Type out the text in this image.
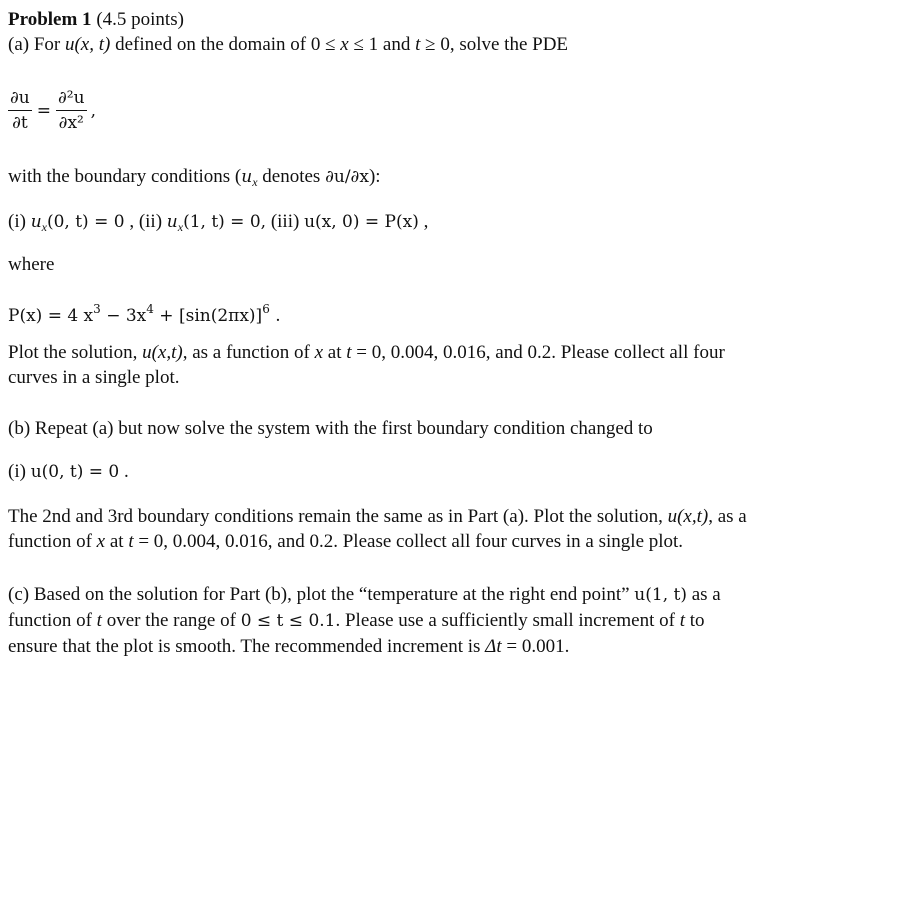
Problem 1 (4.5 points)
(a) For u(x, t) defined on the domain of 0 ≤ x ≤ 1 and t ≥ 0, solve the PDE
$\frac{\partial u}{\partial t} = \frac{\text{∂²u}}{\text{∂x²}}$ ,
with the boundary conditions ($u_x$ denotes ∂u/∂x):
(i) $u_x(0$, t) = 0 , (ii) $u_x(1$, t) = 0, (iii) u(x, 0) = P(x) ,
where
P(x) = 4 $x^3 - 3x^4 + [\sin(2\pi x)]^6$ .
Plot the solution, u(x,t), as a function of x at t = 0, 0.004, 0.016, and 0.2. Please collect all four
curves in a single plot.
(b) Repeat (a) but now solve the system with the first boundary condition changed to
(i) u(0, t) = 0 .
The 2nd and 3rd boundary conditions remain the same as in Part (a). Plot the solution, u(x,t), as a
function of x at t = 0, 0.004, 0.016, and 0.2. Please collect all four curves in a single plot.
(c) Based on the solution for Part (b), plot the “temperature at the right end point” u(1, t) as a
function of t over the range of 0 ≤ t ≤ 0.1. Please use a sufficiently small increment of t to
ensure that the plot is smooth. The recommended increment is Δt = 0.001.
